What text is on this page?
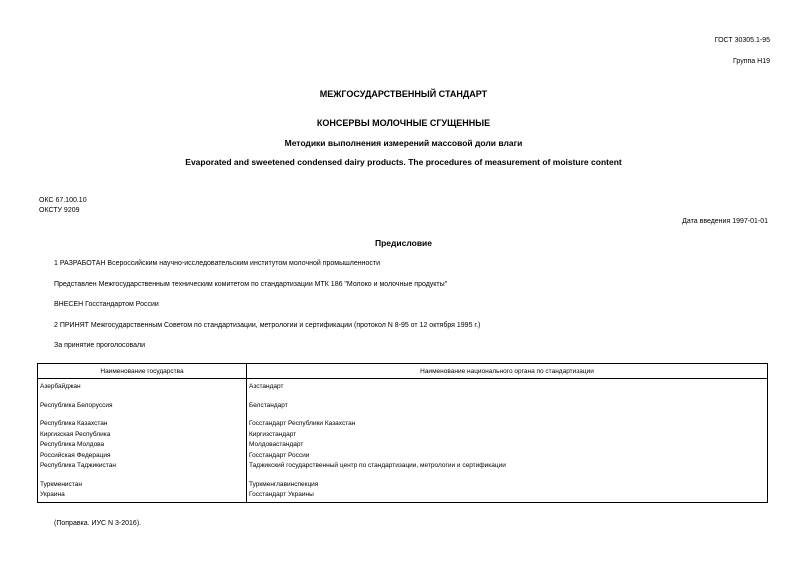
ГОСТ 30305.1-95
Группа Н19
МЕЖГОСУДАРСТВЕННЫЙ СТАНДАРТ
КОНСЕРВЫ МОЛОЧНЫЕ СГУЩЕННЫЕ
Методики выполнения измерений массовой доли влаги
Evaporated and sweetened condensed dairy products. The procedures of measurement of moisture content
ОКС 67.100.10
ОКСТУ 9209
Дата введения 1997-01-01
Предисловие
1 РАЗРАБОТАН Всероссийским научно-исследовательским институтом молочной промышленности
Представлен Межгосударственным техническим комитетом по стандартизации МТК 186 "Молоко и молочные продукты"
ВНЕСЕН Госстандартом России
2 ПРИНЯТ Межгосударственным Советом по стандартизации, метрологии и сертификации (протокол N 8-95 от 12 октября 1995 г.)
За принятие проголосовали
Наименование государства	Наименование национального органа по стандартизации
Азербайджан	Азстандарт

Республика Белоруссия	Белстандарт

Республика Казахстан	Госстандарт Республики Казахстан
Киргизская Республика	Киргизстандарт
Республика Молдова	Молдовастандарт
Российская Федерация	Госстандарт России
Республика Таджикистан	Таджикский государственный центр по стандартизации, метрологии и сертификации

Туркменистан	Туркменглавинспекция
Украина	Госстандарт Украины
(Поправка. ИУС N 3-2016).
